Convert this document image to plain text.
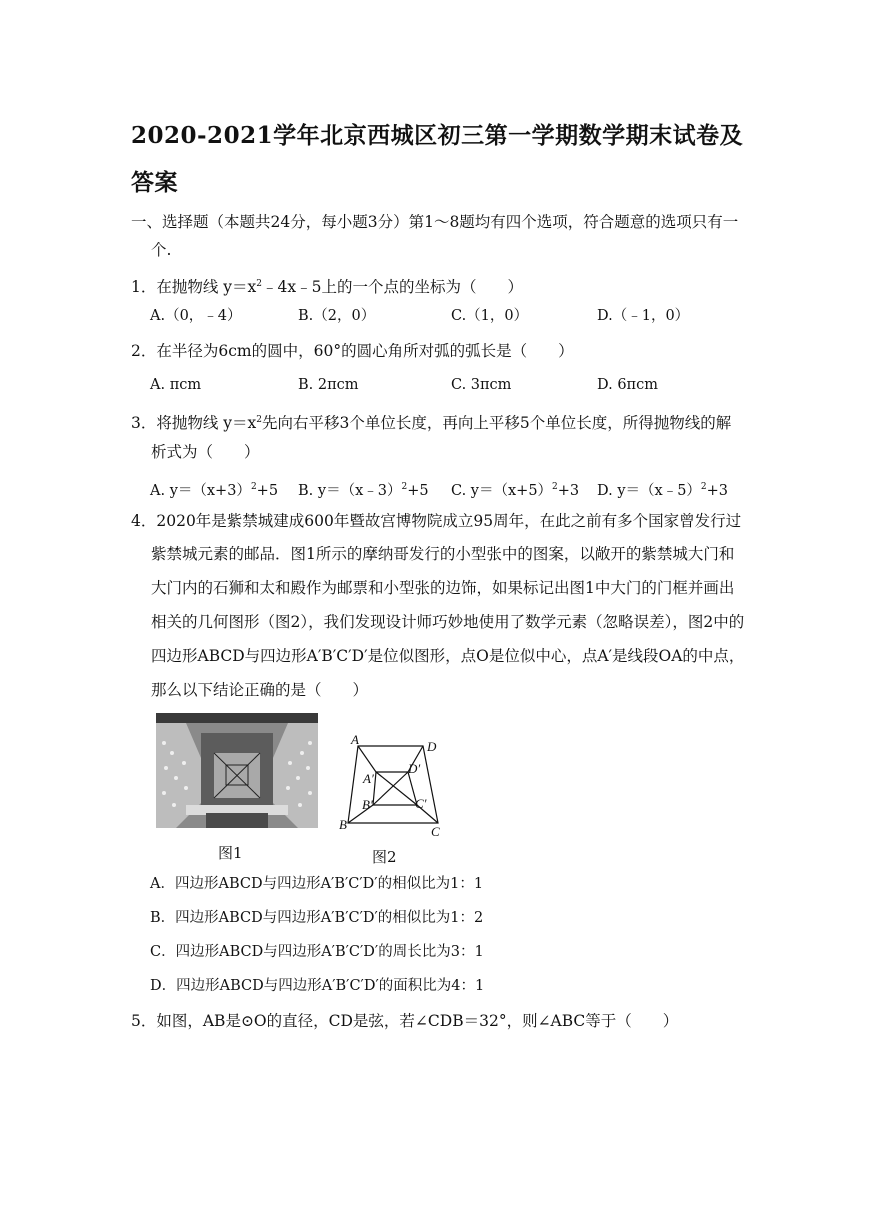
2020-2021学年北京西城区初三第一学期数学期末试卷及答案
一、选择题（本题共24分，每小题3分）第1～8题均有四个选项，符合题意的选项只有一
个.
1．在抛物线 $y=x^2﹣4x﹣5$上的一个点的坐标为（　　）
A.（0，﹣4）	B.（2，0）	C.（1，0）	D.（﹣1，0）
2．在半径为6cm的圆中，60°的圆心角所对弧的弧长是（　　）
A. πcm	B. 2πcm	C. 3πcm	D. 6πcm
3．将抛物线 $y=x^2$先向右平移3个单位长度，再向上平移5个单位长度，所得抛物线的解
析式为（　　）
A. $y=(x+3)^2+5$ B. y＝（x﹣3）$^2$+5 C. $y=(x+5)^2+3$ D. y＝（x﹣5）$^2$+3
4．2020年是紫禁城建成600年暨故宫博物院成立95周年，在此之前有多个国家曾发行过
紫禁城元素的邮品．图1所示的摩纳哥发行的小型张中的图案，以敞开的紫禁城大门和
大门内的石狮和太和殿作为邮票和小型张的边饰，如果标记出图1中大门的门框并画出
相关的几何图形（图2），我们发现设计师巧妙地使用了数学元素（忽略误差），图2中的
四边形ABCD与四边形A′B′C′D′是位似图形，点O是位似中心，点A′是线段OA的中点，
那么以下结论正确的是（　　）
图1
A	D
B	C
A′
D′
B′	C′
图2
A．四边形ABCD与四边形A′B′C′D′的相似比为1：1
B．四边形ABCD与四边形A′B′C′D′的相似比为1：2
C．四边形ABCD与四边形A′B′C′D′的周长比为3：1
D．四边形ABCD与四边形A′B′C′D′的面积比为4：1
5．如图，AB是⊙O的直径，CD是弦，若∠CDB＝32°，则∠ABC等于（　　）
